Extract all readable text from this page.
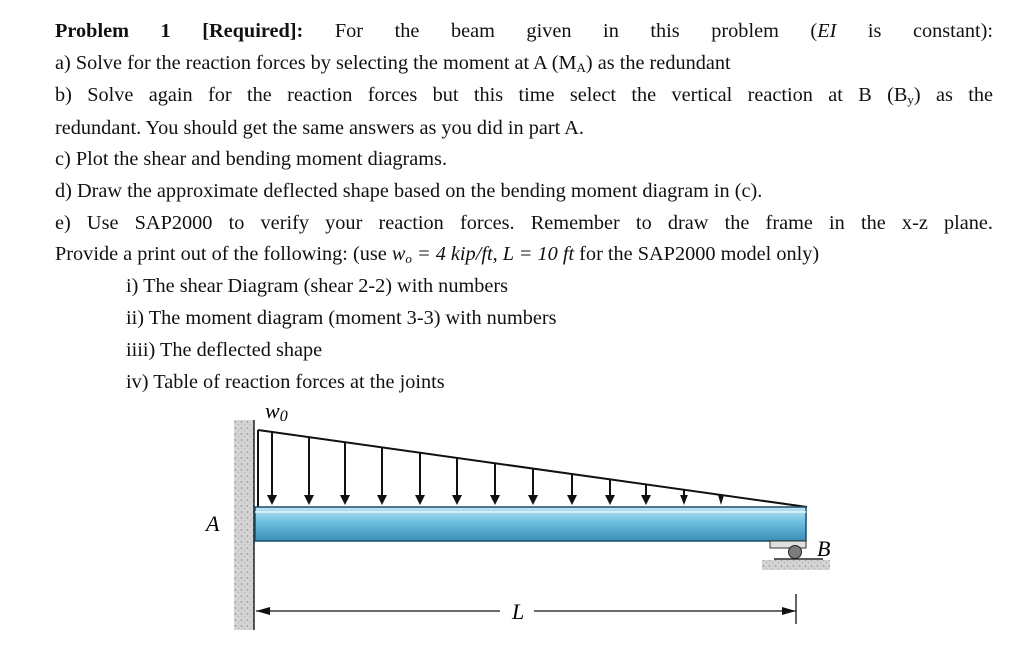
Problem 1 [Required]: For the beam given in this problem (EI is constant):
a) Solve for the reaction forces by selecting the moment at A $(M_A)$ as the redundant
b) Solve again for the reaction forces but this time select the vertical reaction at B $(B_y)$ as the
redundant. You should get the same answers as you did in part A.
c) Plot the shear and bending moment diagrams.
d) Draw the approximate deflected shape based on the bending moment diagram in (c).
e) Use SAP2000 to verify your reaction forces. Remember to draw the frame in the x-z plane.
Provide a print out of the following: (use $w_o = 4$ kip/ft, L = 10 ft for the SAP2000 model only)
i) The shear Diagram (shear 2-2) with numbers
ii) The moment diagram (moment 3-3) with numbers
iiii) The deflected shape
iv) Table of reaction forces at the joints
w0
A
B
L
